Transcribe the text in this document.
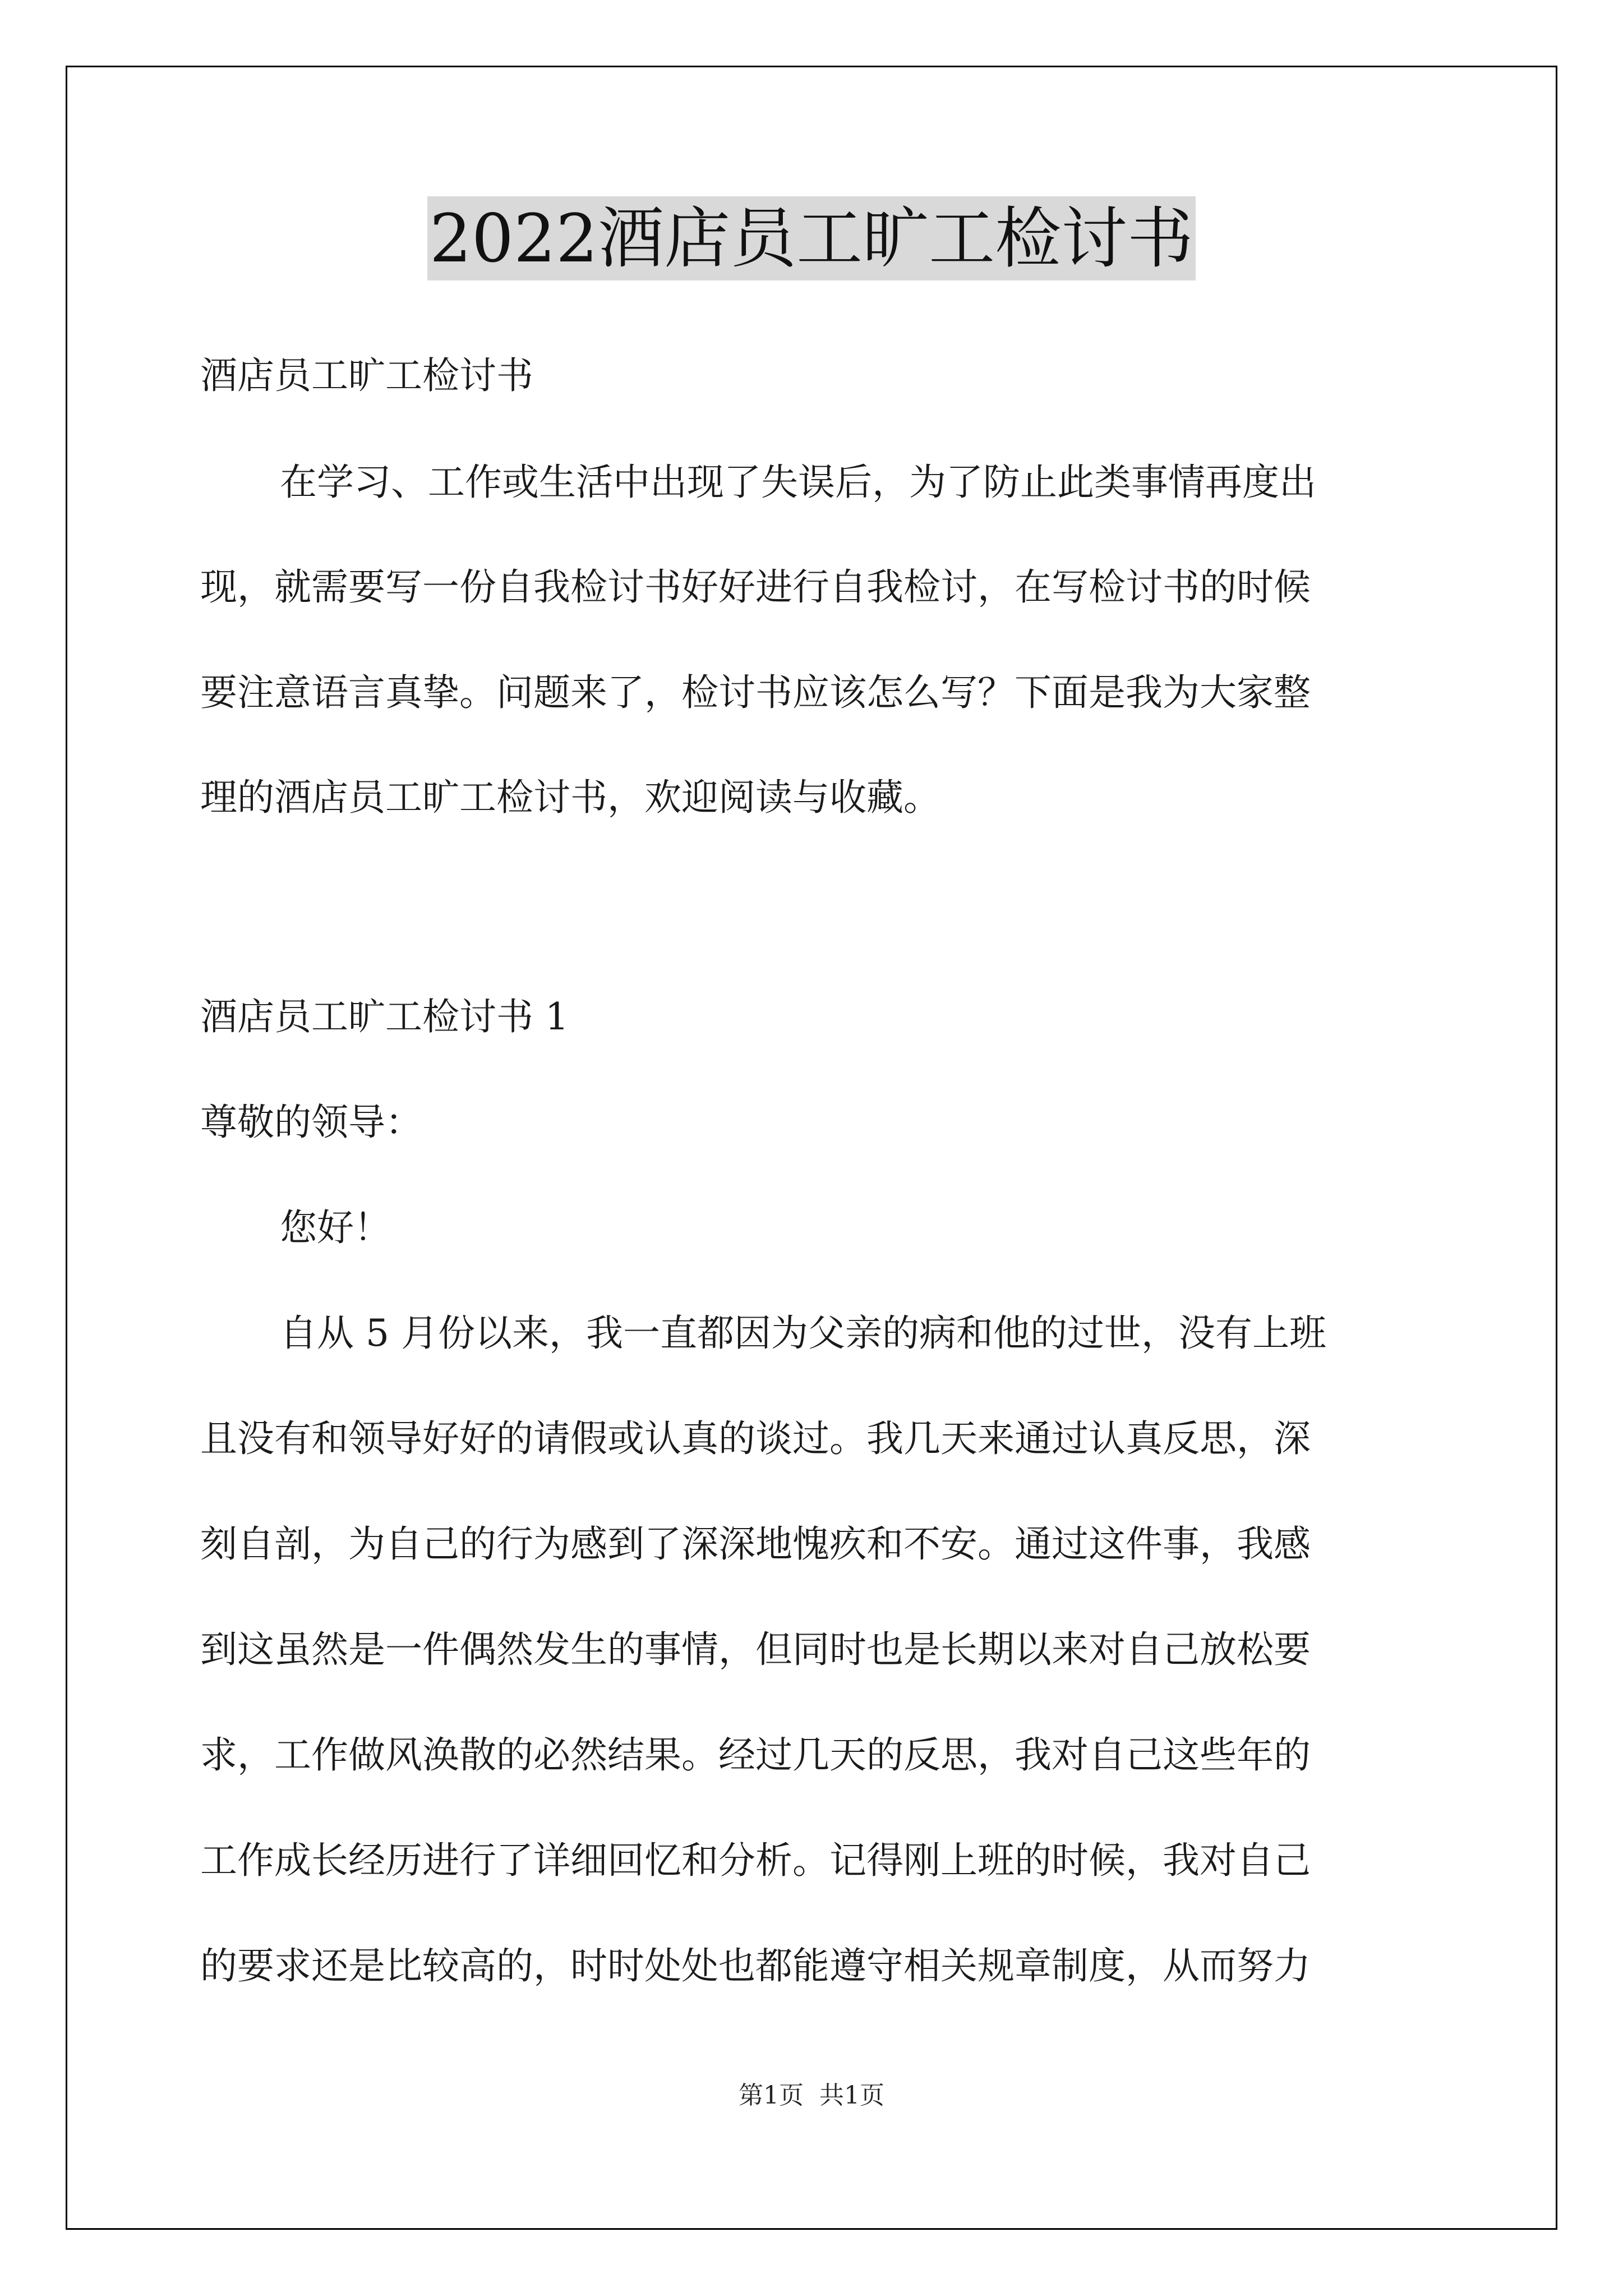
2022酒店员工旷工检讨书
酒店员工旷工检讨书
在学习、工作或生活中出现了失误后，为了防止此类事情再度出
现，就需要写一份自我检讨书好好进行自我检讨，在写检讨书的时候
要注意语言真挚。问题来了，检讨书应该怎么写？下面是我为大家整
理的酒店员工旷工检讨书，欢迎阅读与收藏。
酒店员工旷工检讨书 1
尊敬的领导：
您好！
自从 5 月份以来，我一直都因为父亲的病和他的过世，没有上班
且没有和领导好好的请假或认真的谈过。我几天来通过认真反思，深
刻自剖，为自己的行为感到了深深地愧疚和不安。通过这件事，我感
到这虽然是一件偶然发生的事情，但同时也是长期以来对自己放松要
求，工作做风涣散的必然结果。经过几天的反思，我对自己这些年的
工作成长经历进行了详细回忆和分析。记得刚上班的时候，我对自己
的要求还是比较高的，时时处处也都能遵守相关规章制度，从而努力
第1页 共1页
